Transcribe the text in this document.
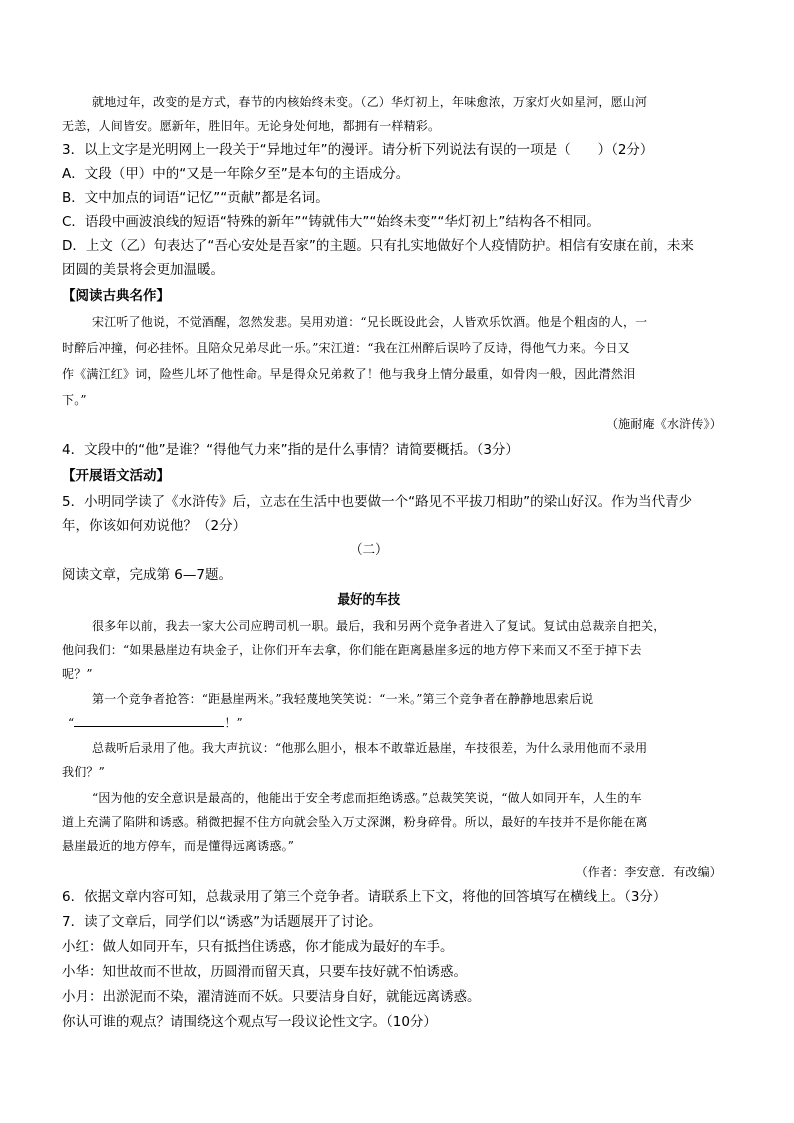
就地过年，改变的是方式，春节的内核始终未变。（乙）华灯初上，年味愈浓，万家灯火如星河，愿山河
无恙，人间皆安。愿新年，胜旧年。无论身处何地，都拥有一样精彩。
3．以上文字是光明网上一段关于“异地过年”的漫评。请分析下列说法有误的一项是（　　）（2分）
A．文段（甲）中的“又是一年除夕至”是本句的主语成分。
B．文中加点的词语“记忆”“贡献”都是名词。
C．语段中画波浪线的短语“特殊的新年”“铸就伟大”“始终未变”“华灯初上”结构各不相同。
D．上文（乙）句表达了“吾心安处是吾家”的主题。只有扎实地做好个人疫情防护。相信有安康在前，未来
团圆的美景将会更加温暖。
【阅读古典名作】
宋江听了他说，不觉酒醒，忽然发悲。吴用劝道：“兄长既设此会，人皆欢乐饮酒。他是个粗卤的人，一
时醉后冲撞，何必挂怀。且陪众兄弟尽此一乐。”宋江道：“我在江州醉后误吟了反诗，得他气力来。今日又
作《满江红》词，险些儿坏了他性命。早是得众兄弟救了！他与我身上情分最重，如骨肉一般，因此潸然泪
下。”
（施耐庵《水浒传》）
4．文段中的“他”是谁？“得他气力来”指的是什么事情？请简要概括。（3分）
【开展语文活动】
5．小明同学读了《水浒传》后，立志在生活中也要做一个“路见不平拔刀相助”的梁山好汉。作为当代青少
年，你该如何劝说他？（2分）
（二）
阅读文章，完成第 6—7题。
最好的车技
很多年以前，我去一家大公司应聘司机一职。最后，我和另两个竞争者进入了复试。复试由总裁亲自把关，
他问我们：“如果悬崖边有块金子，让你们开车去拿，你们能在距离悬崖多远的地方停下来而又不至于掉下去
呢？”
第一个竞争者抢答：“距悬崖两米。”我轻蔑地笑笑说：“一米。”第三个竞争者在静静地思索后说
“	！”
总裁听后录用了他。我大声抗议：“他那么胆小，根本不敢靠近悬崖，车技很差，为什么录用他而不录用
我们？”
“因为他的安全意识是最高的，他能出于安全考虑而拒绝诱惑。”总裁笑笑说，“做人如同开车，人生的车
道上充满了陷阱和诱惑。稍微把握不住方向就会坠入万丈深渊，粉身碎骨。所以，最好的车技并不是你能在离
悬崖最近的地方停车，而是懂得远离诱惑。”
（作者：李安意．有改编）
6．依据文章内容可知，总裁录用了第三个竞争者。请联系上下文，将他的回答填写在横线上。（3分）
7．读了文章后，同学们以“诱惑”为话题展开了讨论。
小红：做人如同开车，只有抵挡住诱惑，你才能成为最好的车手。
小华：知世故而不世故，历圆滑而留天真，只要车技好就不怕诱惑。
小月：出淤泥而不染，濯清涟而不妖。只要洁身自好，就能远离诱惑。
你认可谁的观点？请围绕这个观点写一段议论性文字。（10分）
